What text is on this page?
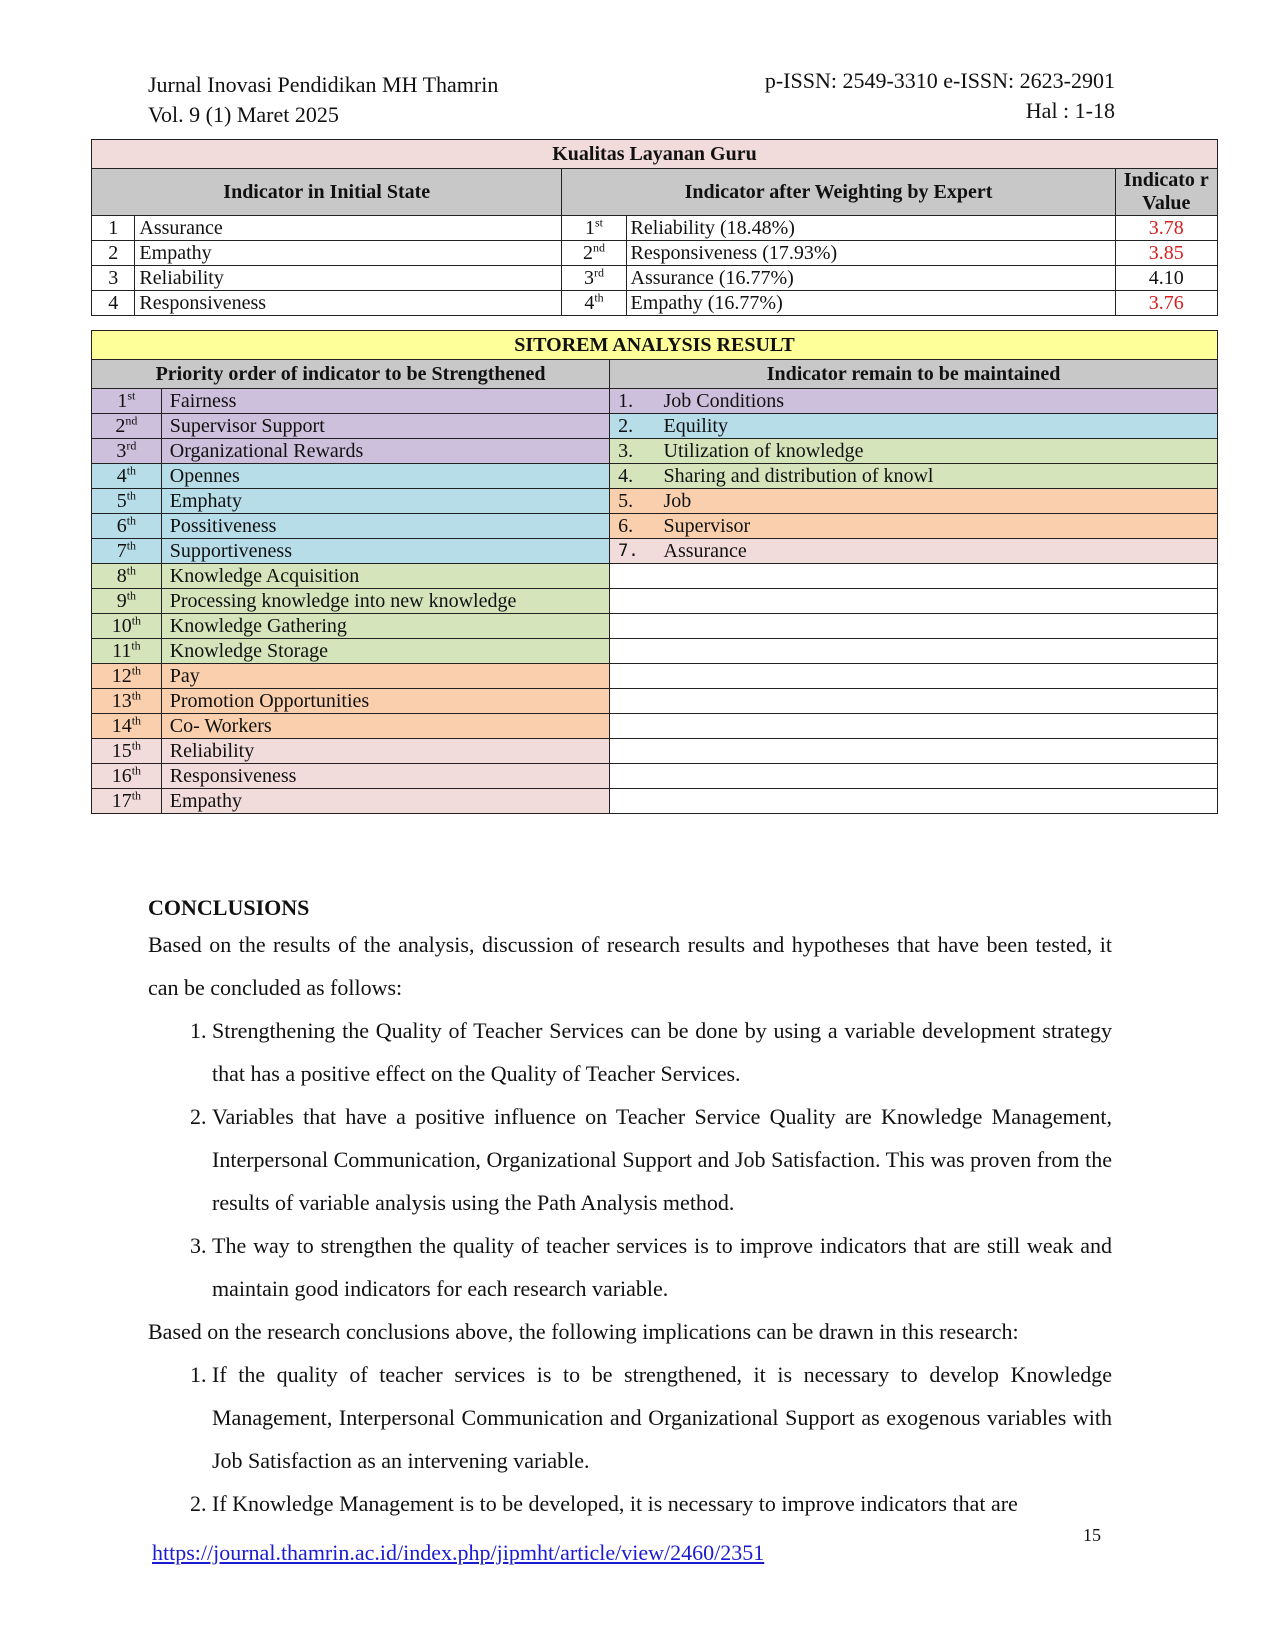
Jurnal Inovasi Pendidikan MH Thamrin
Vol. 9 (1) Maret 2025
p-ISSN: 2549-3310 e-ISSN: 2623-2901
Hal : 1-18
Kualitas Layanan Guru				
Indicator in Initial State		Indicator after Weighting by Expert		Indicato r Value
1	Assurance	1st	Reliability (18.48%)	3.78
2	Empathy	2nd	Responsiveness (17.93%)	3.85
3	Reliability	3rd	Assurance (16.77%)	4.10
4	Responsiveness	4th	Empathy (16.77%)	3.76
SITOREM ANALYSIS RESULT			
Priority order of indicator to be Strengthened		Indicator remain to be maintained	
1st	Fairness	1.	Job Conditions
2nd	Supervisor Support	2.	Equility
3rd	Organizational Rewards	3.	Utilization of knowledge
4th	Opennes	4.	Sharing and distribution of knowl
5th	Emphaty	5.	Job
6th	Possitiveness	6.	Supervisor
7th	Supportiveness	7.	Assurance
8th	Knowledge Acquisition		
9th	Processing knowledge into new knowledge		
10th	Knowledge Gathering		
11th	Knowledge Storage		
12th	Pay		
13th	Promotion Opportunities		
14th	Co- Workers		
15th	Reliability		
16th	Responsiveness		
17th	Empathy		
CONCLUSIONS

Based on the results of the analysis, discussion of research results and hypotheses that have been tested, it can be concluded as follows:

1. Strengthening the Quality of Teacher Services can be done by using a variable development strategy that has a positive effect on the Quality of Teacher Services.
2. Variables that have a positive influence on Teacher Service Quality are Knowledge Management, Interpersonal Communication, Organizational Support and Job Satisfaction. This was proven from the results of variable analysis using the Path Analysis method.
3. The way to strengthen the quality of teacher services is to improve indicators that are still weak and maintain good indicators for each research variable.

Based on the research conclusions above, the following implications can be drawn in this research:

1. If the quality of teacher services is to be strengthened, it is necessary to develop Knowledge Management, Interpersonal Communication and Organizational Support as exogenous variables with Job Satisfaction as an intervening variable.
2. If Knowledge Management is to be developed, it is necessary to improve indicators that are
15
https://journal.thamrin.ac.id/index.php/jipmht/article/view/2460/2351
